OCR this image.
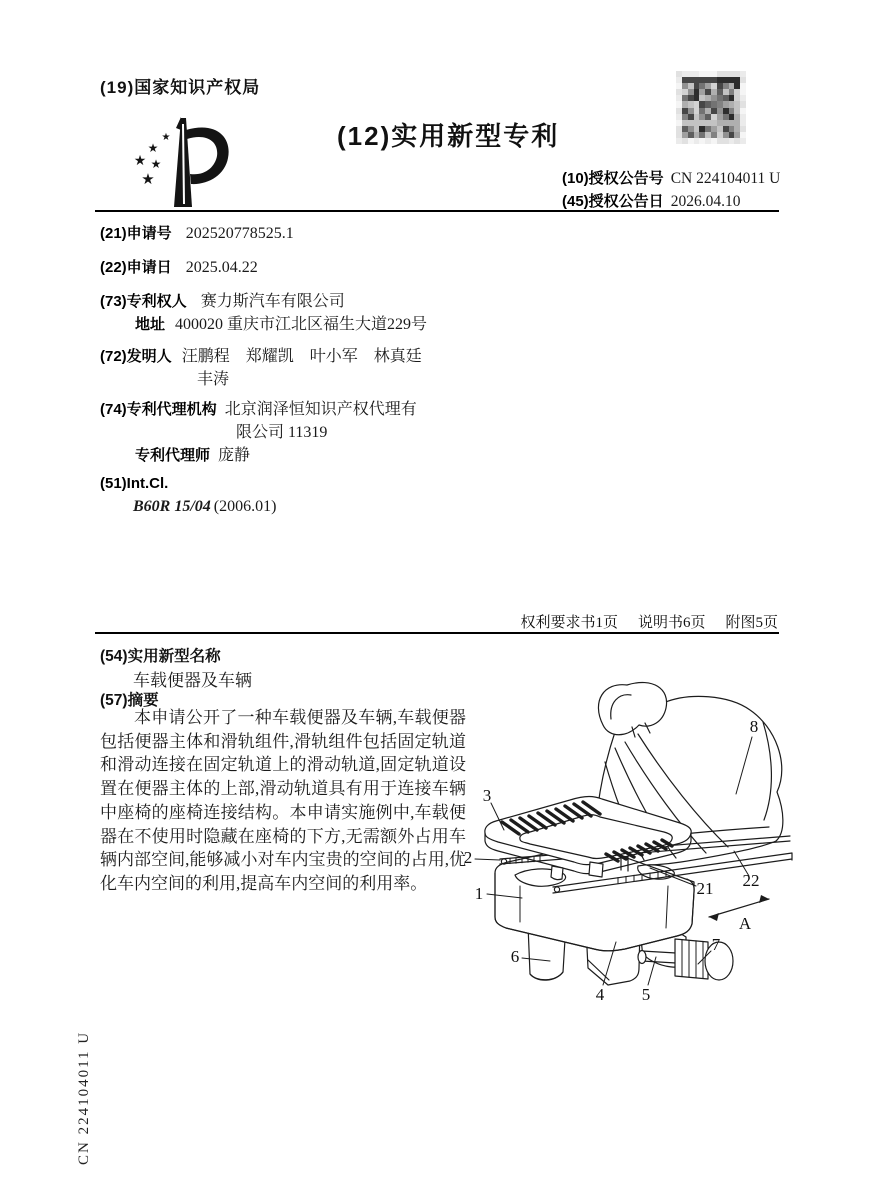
CN 224104011 U
(19)国家知识产权局
★
★
★ ★
★
(12)实用新型专利
(10)授权公告号 CN 224104011 U
(45)授权公告日 2026.04.10
(21)申请号 202520778525.1
(22)申请日 2025.04.22
(73)专利权人 赛力斯汽车有限公司
地址 400020 重庆市江北区福生大道229号
(72)发明人 汪鹏程　郑耀凯　叶小军　林真廷
丰涛
(74)专利代理机构 北京润泽恒知识产权代理有
限公司 11319
专利代理师 庞静
(51)Int.Cl.
B60R 15/04 (2006.01)
权利要求书1页 说明书6页 附图5页
(54)实用新型名称
车载便器及车辆
(57)摘要
本申请公开了一种车载便器及车辆,车载便器包括便器主体和滑轨组件,滑轨组件包括固定轨道和滑动连接在固定轨道上的滑动轨道,固定轨道设置在便器主体的上部,滑动轨道具有用于连接车辆中座椅的座椅连接结构。本申请实施例中,车载便器在不使用时隐藏在座椅的下方,无需额外占用车辆内部空间,能够减小对车内宝贵的空间的占用,优化车内空间的利用,提高车内空间的利用率。
3
2
1
6
4 5
7
21 22
8
A
